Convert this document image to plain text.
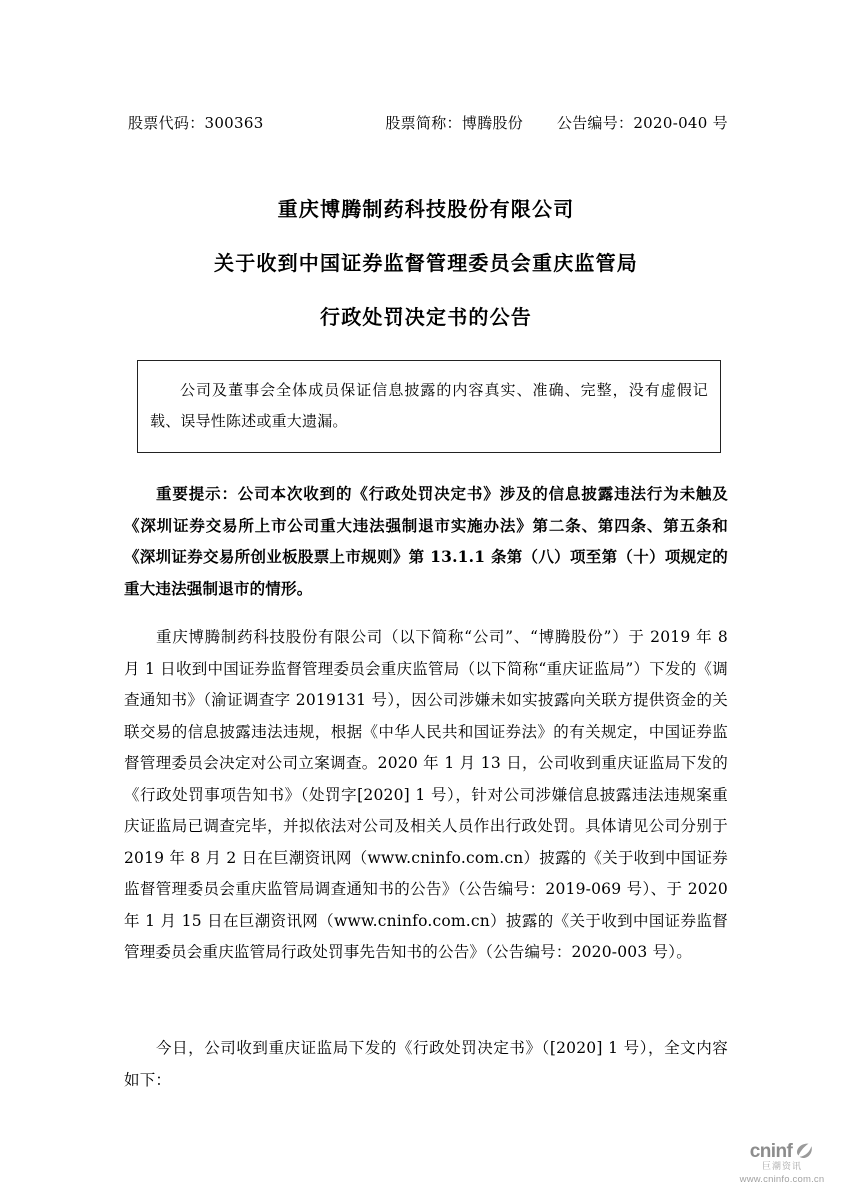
股票代码：300363	股票简称：博腾股份 公告编号：2020-040 号
重庆博腾制药科技股份有限公司
关于收到中国证券监督管理委员会重庆监管局
行政处罚决定书的公告
公司及董事会全体成员保证信息披露的内容真实、准确、完整，没有虚假记载、误导性陈述或重大遗漏。
重要提示：公司本次收到的《行政处罚决定书》涉及的信息披露违法行为未触及《深圳证券交易所上市公司重大违法强制退市实施办法》第二条、第四条、第五条和《深圳证券交易所创业板股票上市规则》第 13.1.1 条第（八）项至第（十）项规定的重大违法强制退市的情形。
重庆博腾制药科技股份有限公司（以下简称“公司”、“博腾股份”）于 2019 年 8 月 1 日收到中国证券监督管理委员会重庆监管局（以下简称“重庆证监局”）下发的《调查通知书》（渝证调查字 2019131 号），因公司涉嫌未如实披露向关联方提供资金的关联交易的信息披露违法违规，根据《中华人民共和国证券法》的有关规定，中国证券监督管理委员会决定对公司立案调查。2020 年 1 月 13 日，公司收到重庆证监局下发的《行政处罚事项告知书》（处罚字[2020] 1 号），针对公司涉嫌信息披露违法违规案重庆证监局已调查完毕，并拟依法对公司及相关人员作出行政处罚。具体请见公司分别于 2019 年 8 月 2 日在巨潮资讯网（www.cninfo.com.cn）披露的《关于收到中国证券监督管理委员会重庆监管局调查通知书的公告》（公告编号：2019-069 号）、于 2020 年 1 月 15 日在巨潮资讯网（www.cninfo.com.cn）披露的《关于收到中国证券监督管理委员会重庆监管局行政处罚事先告知书的公告》（公告编号：2020-003 号）。
今日，公司收到重庆证监局下发的《行政处罚决定书》（[2020] 1 号），全文内容如下：
cninf
巨潮资讯
www.cninfo.com.cn
